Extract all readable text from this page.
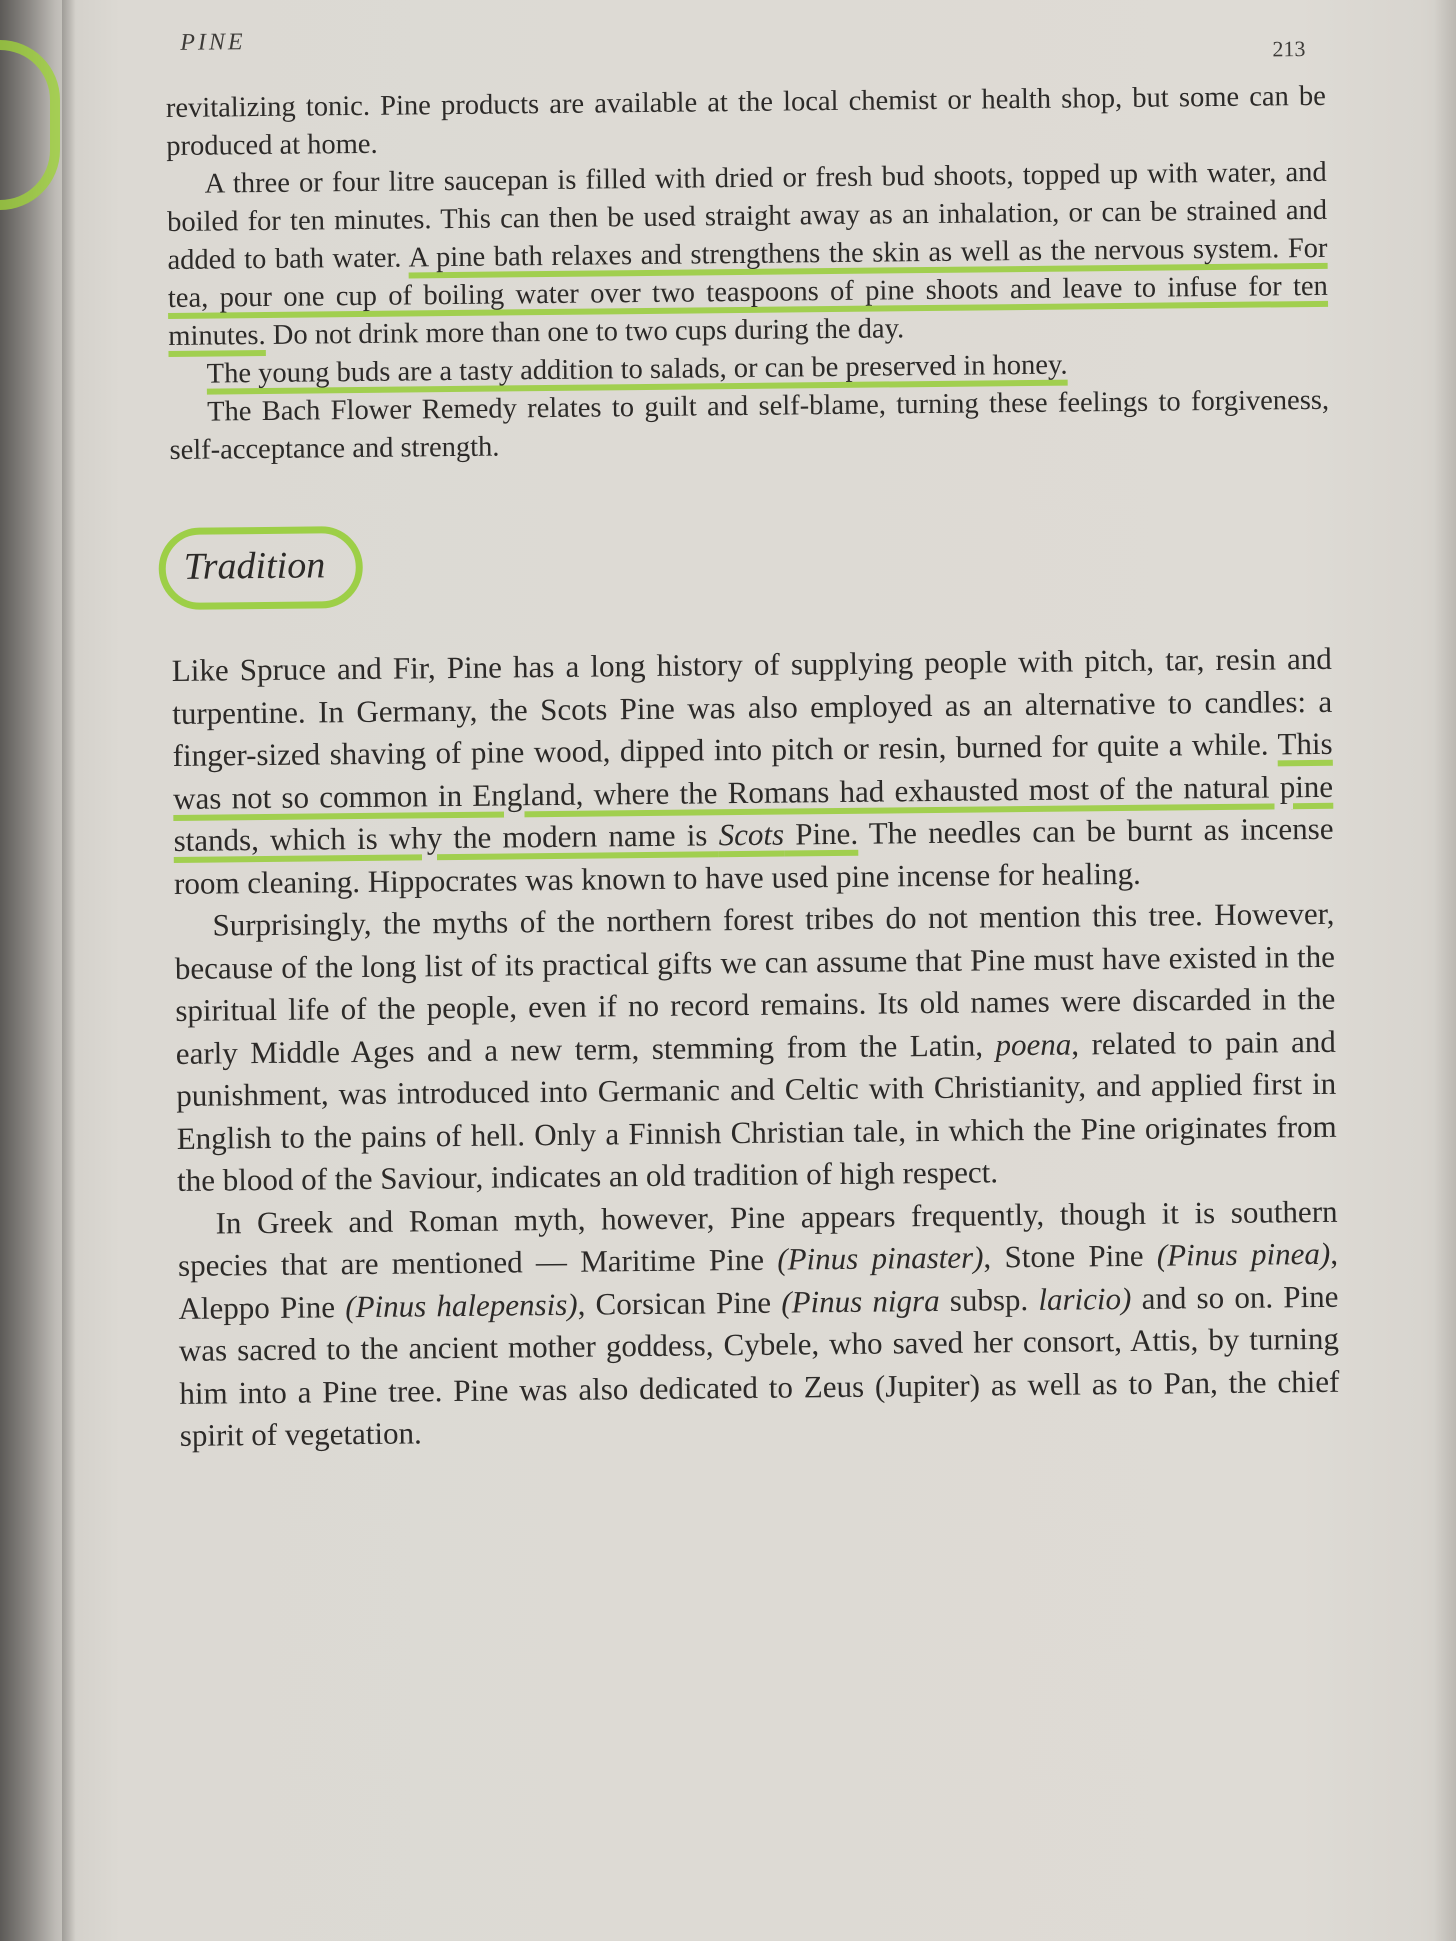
PINE	213

revitalizing tonic. Pine products are available at the local chemist or health shop, but some can be produced at home.

A three or four litre saucepan is filled with dried or fresh bud shoots, topped up with water, and boiled for ten minutes. This can then be used straight away as an inhalation, or can be strained and added to bath water. A pine bath relaxes and strengthens the skin as well as the nervous system. For tea, pour one cup of boiling water over two teaspoons of pine shoots and leave to infuse for ten minutes. Do not drink more than one to two cups during the day.

The young buds are a tasty addition to salads, or can be preserved in honey.

The Bach Flower Remedy relates to guilt and self-blame, turning these feelings to forgiveness, self-acceptance and strength.

Tradition

Like Spruce and Fir, Pine has a long history of supplying people with pitch, tar, resin and turpentine. In Germany, the Scots Pine was also employed as an alternative to candles: a finger-sized shaving of pine wood, dipped into pitch or resin, burned for quite a while. This was not so common in England, where the Romans had exhausted most of the natural pine stands, which is why the modern name is Scots Pine. The needles can be burnt as incense room cleaning. Hippocrates was known to have used pine incense for healing.

Surprisingly, the myths of the northern forest tribes do not mention this tree. However, because of the long list of its practical gifts we can assume that Pine must have existed in the spiritual life of the people, even if no record remains. Its old names were discarded in the early Middle Ages and a new term, stemming from the Latin, poena, related to pain and punishment, was introduced into Germanic and Celtic with Christianity, and applied first in English to the pains of hell. Only a Finnish Christian tale, in which the Pine originates from the blood of the Saviour, indicates an old tradition of high respect.

In Greek and Roman myth, however, Pine appears frequently, though it is southern species that are mentioned — Maritime Pine (Pinus pinaster), Stone Pine (Pinus pinea), Aleppo Pine (Pinus halepensis), Corsican Pine (Pinus nigra subsp. laricio) and so on. Pine was sacred to the ancient mother goddess, Cybele, who saved her consort, Attis, by turning him into a Pine tree. Pine was also dedicated to Zeus (Jupiter) as well as to Pan, the chief spirit of vegetation.
